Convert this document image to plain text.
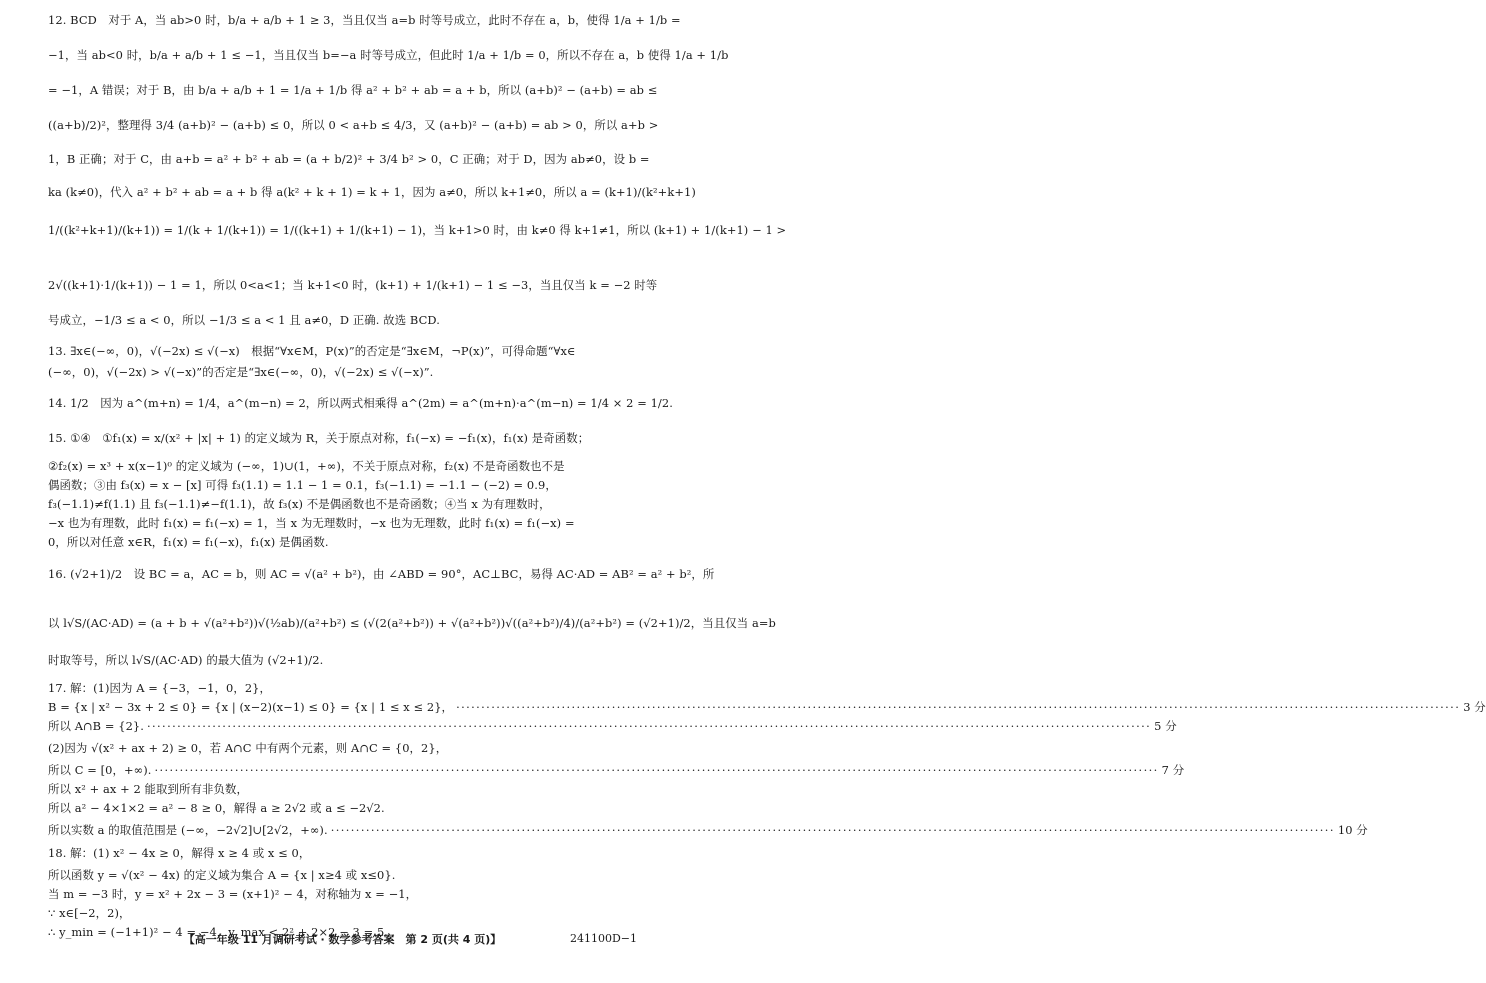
12. BCD　对于 A，当 ab>0 时，b/a + a/b + 1 ≥ 3，当且仅当 a=b 时等号成立，此时不存在 a，b，使得 1/a + 1/b =
−1，当 ab<0 时，b/a + a/b + 1 ≤ −1，当且仅当 b=−a 时等号成立，但此时 1/a + 1/b = 0，所以不存在 a，b 使得 1/a + 1/b
= −1，A 错误；对于 B，由 b/a + a/b + 1 = 1/a + 1/b 得 a² + b² + ab = a + b，所以 (a+b)² − (a+b) = ab ≤
((a+b)/2)²，整理得 3/4 (a+b)² − (a+b) ≤ 0，所以 0 < a+b ≤ 4/3，又 (a+b)² − (a+b) = ab > 0，所以 a+b >
1，B 正确；对于 C，由 a+b = a² + b² + ab = (a + b/2)² + 3/4 b² > 0，C 正确；对于 D，因为 ab≠0，设 b =
ka (k≠0)，代入 a² + b² + ab = a + b 得 a(k² + k + 1) = k + 1，因为 a≠0，所以 k+1≠0，所以 a = (k+1)/(k²+k+1)
1/((k²+k+1)/(k+1)) = 1/(k + 1/(k+1)) = 1/((k+1) + 1/(k+1) − 1)，当 k+1>0 时，由 k≠0 得 k+1≠1，所以 (k+1) + 1/(k+1) − 1 >
2√((k+1)·1/(k+1)) − 1 = 1，所以 0<a<1；当 k+1<0 时，(k+1) + 1/(k+1) − 1 ≤ −3，当且仅当 k = −2 时等
号成立，−1/3 ≤ a < 0，所以 −1/3 ≤ a < 1 且 a≠0，D 正确. 故选 BCD.
13. ∃x∈(−∞，0)，√(−2x) ≤ √(−x)　根据“∀x∈M，P(x)”的否定是“∃x∈M，¬P(x)”，可得命题“∀x∈
(−∞，0)，√(−2x) > √(−x)”的否定是“∃x∈(−∞，0)，√(−2x) ≤ √(−x)”.
14. 1/2　因为 a^(m+n) = 1/4，a^(m−n) = 2，所以两式相乘得 a^(2m) = a^(m+n)·a^(m−n) = 1/4 × 2 = 1/2.
15. ①④　①f₁(x) = x/(x² + |x| + 1) 的定义域为 R，关于原点对称，f₁(−x) = −f₁(x)，f₁(x) 是奇函数；
②f₂(x) = x³ + x(x−1)⁰ 的定义域为 (−∞，1)∪(1，+∞)，不关于原点对称，f₂(x) 不是奇函数也不是
偶函数；③由 f₃(x) = x − [x] 可得 f₃(1.1) = 1.1 − 1 = 0.1，f₃(−1.1) = −1.1 − (−2) = 0.9，
f₃(−1.1)≠f(1.1) 且 f₃(−1.1)≠−f(1.1)，故 f₃(x) 不是偶函数也不是奇函数；④当 x 为有理数时，
−x 也为有理数，此时 f₁(x) = f₁(−x) = 1，当 x 为无理数时，−x 也为无理数，此时 f₁(x) = f₁(−x) =
0，所以对任意 x∈R，f₁(x) = f₁(−x)，f₁(x) 是偶函数.
16. (√2+1)/2　设 BC = a，AC = b，则 AC = √(a² + b²)，由 ∠ABD = 90°，AC⊥BC，易得 AC·AD = AB² = a² + b²，所
以 l√S/(AC·AD) = (a + b + √(a²+b²))√(½ab)/(a²+b²) ≤ (√(2(a²+b²)) + √(a²+b²))√((a²+b²)/4)/(a²+b²) = (√2+1)/2，当且仅当 a=b
时取等号，所以 l√S/(AC·AD) 的最大值为 (√2+1)/2.
17. 解：(1)因为 A = {−3，−1，0，2}，
B = {x | x² − 3x + 2 ≤ 0} = {x | (x−2)(x−1) ≤ 0} = {x | 1 ≤ x ≤ 2}， ········································································································································································································ 3 分
所以 A∩B = {2}. ········································································································································································································ 5 分
(2)因为 √(x² + ax + 2) ≥ 0，若 A∩C 中有两个元素，则 A∩C = {0，2}，
所以 C = [0，+∞). ········································································································································································································ 7 分
所以 x² + ax + 2 能取到所有非负数，
所以 a² − 4×1×2 = a² − 8 ≥ 0，解得 a ≥ 2√2 或 a ≤ −2√2.
所以实数 a 的取值范围是 (−∞，−2√2]∪[2√2，+∞). ········································································································································································································ 10 分
18. 解：(1) x² − 4x ≥ 0，解得 x ≥ 4 或 x ≤ 0，
所以函数 y = √(x² − 4x) 的定义域为集合 A = {x | x≥4 或 x≤0}.
当 m = −3 时，y = x² + 2x − 3 = (x+1)² − 4，对称轴为 x = −1，
∵ x∈[−2，2)，
∴ y_min = (−1+1)² − 4 = −4，y_max < 2² + 2×2 − 3 = 5.
【高一年级 11 月调研考试 · 数学参考答案　第 2 页(共 4 页)】	241100D−1
